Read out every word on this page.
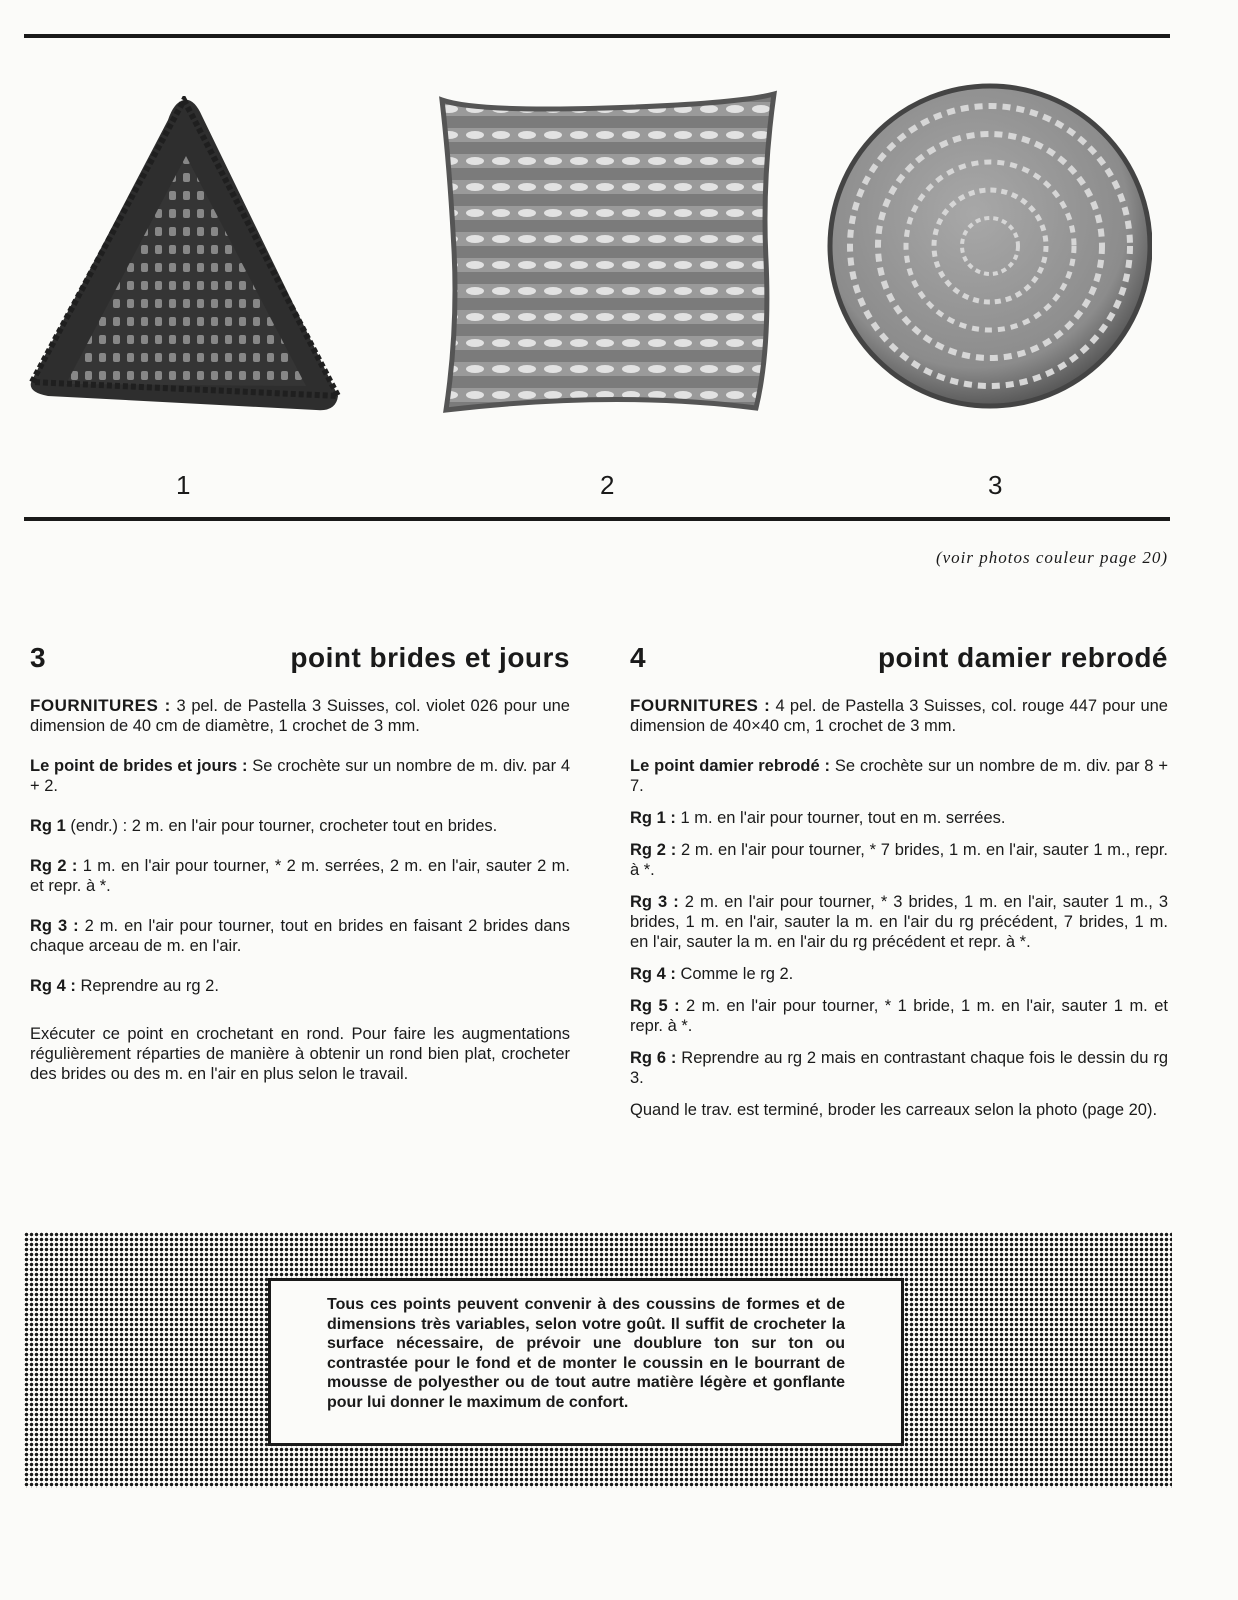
1	2	3
(voir photos couleur page 20)
3	point brides et jours

FOURNITURES : 3 pel. de Pastella 3 Suisses, col. violet 026 pour une dimension de 40 cm de diamètre, 1 crochet de 3 mm.

Le point de brides et jours : Se crochète sur un nombre de m. div. par 4 + 2.

Rg 1 (endr.) : 2 m. en l'air pour tourner, crocheter tout en brides.

Rg 2 : 1 m. en l'air pour tourner, * 2 m. serrées, 2 m. en l'air, sauter 2 m. et repr. à *.

Rg 3 : 2 m. en l'air pour tourner, tout en brides en faisant 2 brides dans chaque arceau de m. en l'air.

Rg 4 : Reprendre au rg 2.

Exécuter ce point en crochetant en rond. Pour faire les augmentations régulièrement réparties de manière à obtenir un rond bien plat, crocheter des brides ou des m. en l'air en plus selon le travail.

4	point damier rebrodé

FOURNITURES : 4 pel. de Pastella 3 Suisses, col. rouge 447 pour une dimension de 40×40 cm, 1 crochet de 3 mm.

Le point damier rebrodé : Se crochète sur un nombre de m. div. par 8 + 7.

Rg 1 : 1 m. en l'air pour tourner, tout en m. serrées.

Rg 2 : 2 m. en l'air pour tourner, * 7 brides, 1 m. en l'air, sauter 1 m., repr. à *.

Rg 3 : 2 m. en l'air pour tourner, * 3 brides, 1 m. en l'air, sauter 1 m., 3 brides, 1 m. en l'air, sauter la m. en l'air du rg précédent, 7 brides, 1 m. en l'air, sauter la m. en l'air du rg précédent et repr. à *.

Rg 4 : Comme le rg 2.

Rg 5 : 2 m. en l'air pour tourner, * 1 bride, 1 m. en l'air, sauter 1 m. et repr. à *.

Rg 6 : Reprendre au rg 2 mais en contrastant chaque fois le dessin du rg 3.

Quand le trav. est terminé, broder les carreaux selon la photo (page 20).

Tous ces points peuvent convenir à des coussins de formes et de dimensions très variables, selon votre goût. Il suffit de crocheter la surface nécessaire, de prévoir une doublure ton sur ton ou contrastée pour le fond et de monter le coussin en le bourrant de mousse de polyesther ou de tout autre matière légère et gonflante pour lui donner le maximum de confort.
